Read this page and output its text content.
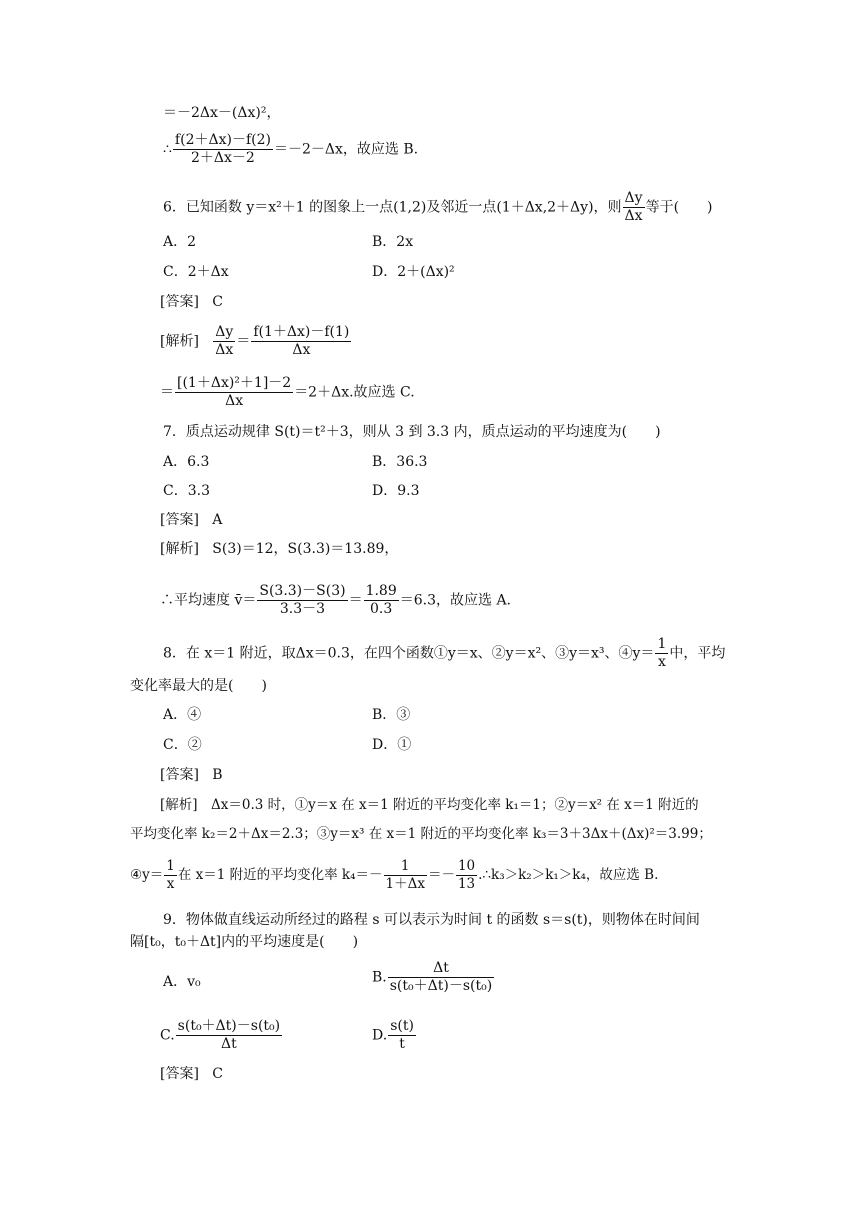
＝－2Δx－(Δx)²，
∴ $\frac{f(2+\Delta x)-f(2)}{2+\Delta x-2} =-2-\Delta x$，故应选 B.
6．已知函数 y＝x²＋1 的图象上一点(1,2)及邻近一点(1＋Δx,2＋Δy)，则 $\frac{\Delta y}{\Delta x}$ 等于(　　)
A．2	B．2x
C．2＋Δx	D．2＋(Δx)²
[答案] C
[解析] $\frac{\Delta y}{\Delta x} = \frac{f(1+\Delta x)-f(1)}{\Delta x}$
＝ $\frac{\text{[(1＋Δx)²＋1]－2}}{\Delta x} =2+\Delta x$.故应选 C.
7．质点运动规律 S(t)＝t²＋3，则从 3 到 3.3 内，质点运动的平均速度为(　　)
A．6.3	B．36.3
C．3.3	D．9.3
[答案] A
[解析] S(3)＝12，S(3.3)＝13.89，
∴平均速度 v̄＝ $\frac{S(3.3)-S(3)}{3.3-3} = \frac{1.89}{0.3} =6.3$，故应选 A.
8．在 x＝1 附近，取Δx＝0.3，在四个函数①y＝x、②y＝x²、③y＝x³、④y＝ $\frac{1}{x}$ 中，平均
变化率最大的是(　　)
A．④	B．③
C．②	D．①
[答案] B
[解析]　Δx＝0.3 时，①y＝x 在 x＝1 附近的平均变化率 k₁＝1；②y＝x² 在 x＝1 附近的
平均变化率 k₂＝2＋Δx＝2.3；③y＝x³ 在 x＝1 附近的平均变化率 k₃＝3＋3Δx＋(Δx)²＝3.99；
④y＝ $\frac{1}{x}$ 在 x＝1 附近的平均变化率 $k_4=- \frac{1}{1+\Delta x} =- \frac{10}{13}$ .∴k₃＞k₂＞k₁＞k₄，故应选 B.
9．物体做直线运动所经过的路程 s 可以表示为时间 t 的函数 s＝s(t)，则物体在时间间
隔[t₀，t₀＋Δt]内的平均速度是(　　)
A．v₀	B. $\frac{\Delta t}{\text{s(t₀＋Δt)－s(t₀)}}$
C. $\frac{\text{s(t₀＋Δt)－s(t₀)}}{\Delta t}$	D. $\frac{s(t)}{t}$
[答案] C
